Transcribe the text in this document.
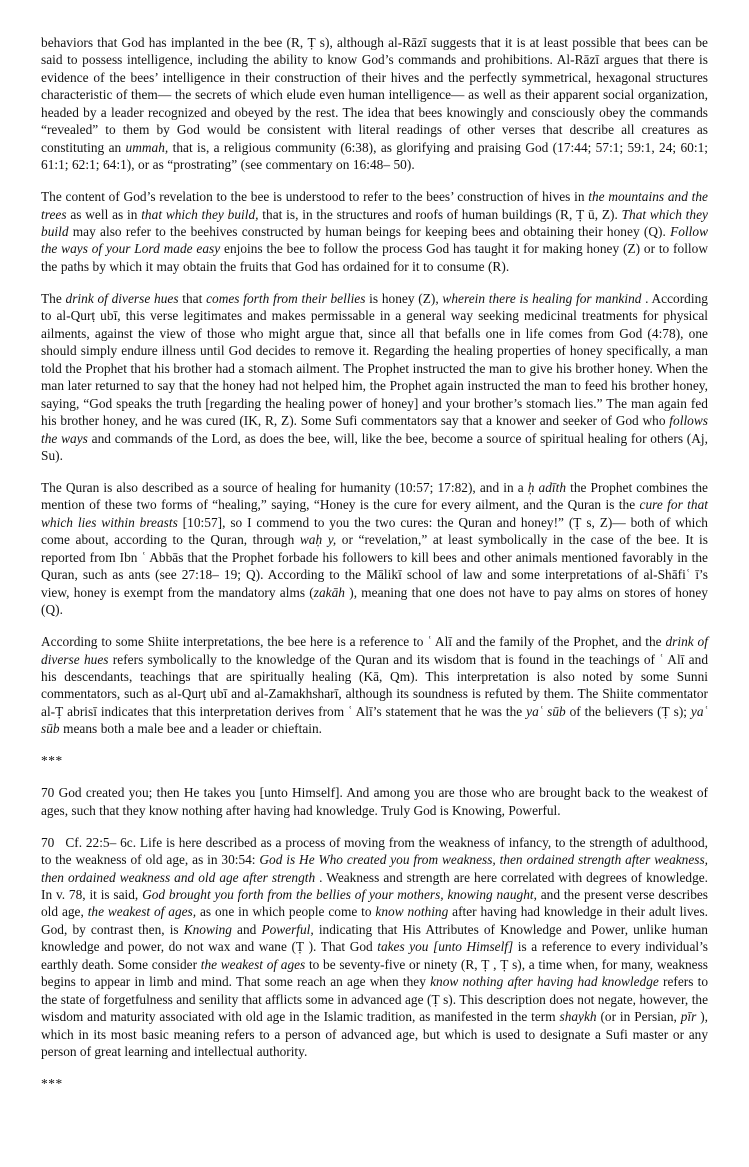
behaviors that God has implanted in the bee (R, Ṭ s), although al-Rāzī suggests that it is at least possible that bees can be said to possess intelligence, including the ability to know God’s commands and prohibitions. Al-Rāzī argues that there is evidence of the bees’ intelligence in their construction of their hives and the perfectly symmetrical, hexagonal structures characteristic of them— the secrets of which elude even human intelligence— as well as their apparent social organization, headed by a leader recognized and obeyed by the rest. The idea that bees knowingly and consciously obey the commands “revealed” to them by God would be consistent with literal readings of other verses that describe all creatures as constituting an ummah, that is, a religious community (6:38), as glorifying and praising God (17:44; 57:1; 59:1, 24; 60:1; 61:1; 62:1; 64:1), or as “prostrating” (see commentary on 16:48– 50).

The content of God’s revelation to the bee is understood to refer to the bees’ construction of hives in the mountains and the trees as well as in that which they build, that is, in the structures and roofs of human buildings (R, Ṭ ū, Z). That which they build may also refer to the beehives constructed by human beings for keeping bees and obtaining their honey (Q). Follow the ways of your Lord made easy enjoins the bee to follow the process God has taught it for making honey (Z) or to follow the paths by which it may obtain the fruits that God has ordained for it to consume (R).

The drink of diverse hues that comes forth from their bellies is honey (Z), wherein there is healing for mankind . According to al-Qurṭ ubī, this verse legitimates and makes permissable in a general way seeking medicinal treatments for physical ailments, against the view of those who might argue that, since all that befalls one in life comes from God (4:78), one should simply endure illness until God decides to remove it. Regarding the healing properties of honey specifically, a man told the Prophet that his brother had a stomach ailment. The Prophet instructed the man to give his brother honey. When the man later returned to say that the honey had not helped him, the Prophet again instructed the man to feed his brother honey, saying, “God speaks the truth [regarding the healing power of honey] and your brother’s stomach lies.” The man again fed his brother honey, and he was cured (IK, R, Z). Some Sufi commentators say that a knower and seeker of God who follows the ways and commands of the Lord, as does the bee, will, like the bee, become a source of spiritual healing for others (Aj, Su).

The Quran is also described as a source of healing for humanity (10:57; 17:82), and in a ḥ adīth the Prophet combines the mention of these two forms of “healing,” saying, “Honey is the cure for every ailment, and the Quran is the cure for that which lies within breasts [10:57], so I commend to you the two cures: the Quran and honey!” (Ṭ s, Z)— both of which come about, according to the Quran, through waḥ y, or “revelation,” at least symbolically in the case of the bee. It is reported from Ibn ʿ Abbās that the Prophet forbade his followers to kill bees and other animals mentioned favorably in the Quran, such as ants (see 27:18– 19; Q). According to the Mālikī school of law and some interpretations of al-Shāfiʿ ī’s view, honey is exempt from the mandatory alms (zakāh ), meaning that one does not have to pay alms on stores of honey (Q).

According to some Shiite interpretations, the bee here is a reference to ʿ Alī and the family of the Prophet, and the drink of diverse hues refers symbolically to the knowledge of the Quran and its wisdom that is found in the teachings of ʿ Alī and his descendants, teachings that are spiritually healing (Kā, Qm). This interpretation is also noted by some Sunni commentators, such as al-Qurṭ ubī and al-Zamakhsharī, although its soundness is refuted by them. The Shiite commentator al-Ṭ abrisī indicates that this interpretation derives from ʿ Alī’s statement that he was the yaʿ sūb of the believers (Ṭ s); yaʿ sūb means both a male bee and a leader or chieftain.

***

70 God created you; then He takes you [unto Himself]. And among you are those who are brought back to the weakest of ages, such that they know nothing after having had knowledge. Truly God is Knowing, Powerful.

70 Cf. 22:5– 6c. Life is here described as a process of moving from the weakness of infancy, to the strength of adulthood, to the weakness of old age, as in 30:54: God is He Who created you from weakness, then ordained strength after weakness, then ordained weakness and old age after strength . Weakness and strength are here correlated with degrees of knowledge. In v. 78, it is said, God brought you forth from the bellies of your mothers, knowing naught, and the present verse describes old age, the weakest of ages, as one in which people come to know nothing after having had knowledge in their adult lives. God, by contrast then, is Knowing and Powerful, indicating that His Attributes of Knowledge and Power, unlike human knowledge and power, do not wax and wane (Ṭ ). That God takes you [unto Himself] is a reference to every individual’s earthly death. Some consider the weakest of ages to be seventy-five or ninety (R, Ṭ , Ṭ s), a time when, for many, weakness begins to appear in limb and mind. That some reach an age when they know nothing after having had knowledge refers to the state of forgetfulness and senility that afflicts some in advanced age (Ṭ s). This description does not negate, however, the wisdom and maturity associated with old age in the Islamic tradition, as manifested in the term shaykh (or in Persian, pīr ), which in its most basic meaning refers to a person of advanced age, but which is used to designate a Sufi master or any person of great learning and intellectual authority.

***
